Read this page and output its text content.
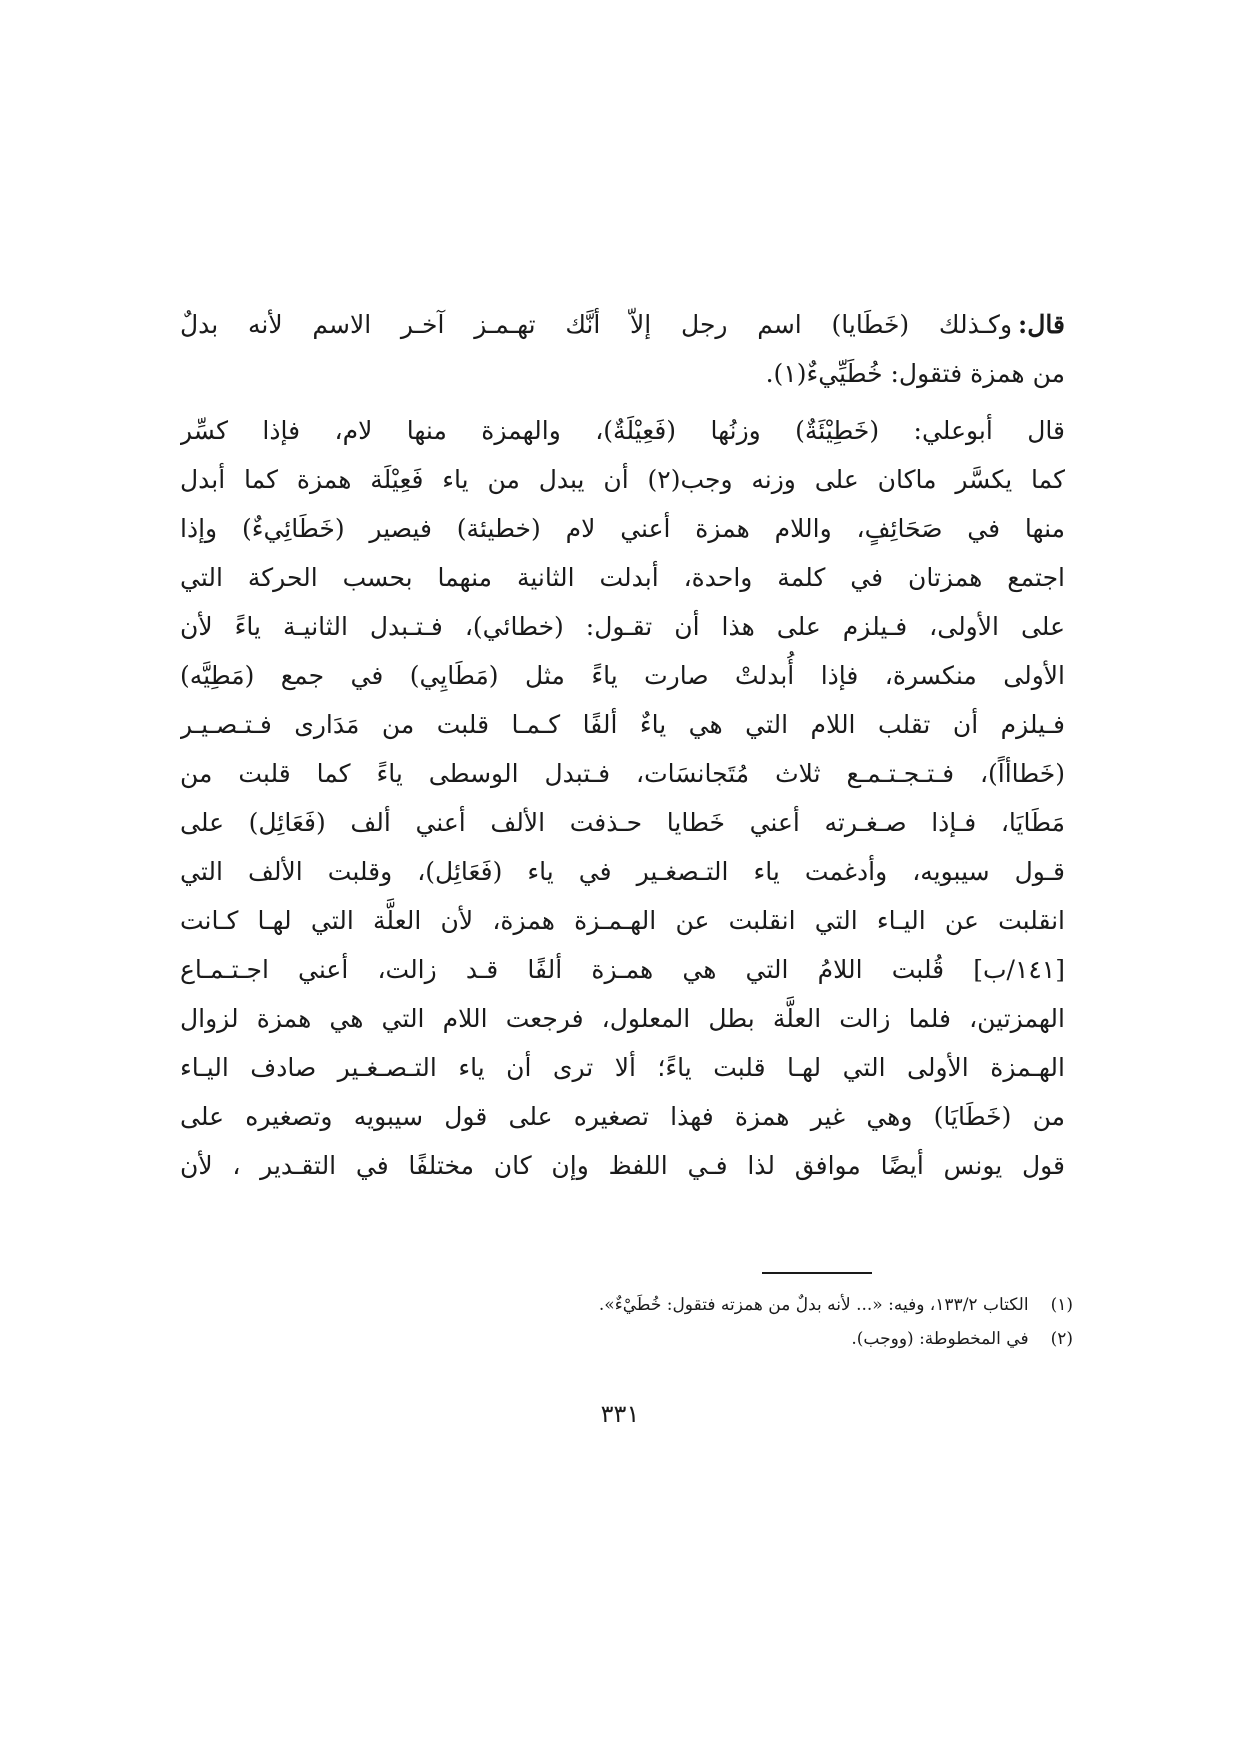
قال:وكـذلك (خَطَايا) اسم رجل إلاّ أنَّك تهـمـز آخـر الاسم لأنه بدلٌ
من همزة فتقول: خُطَيِّيءٌ(١).
قال أبوعلي: (خَطِيْئَةٌ) وزنُها (فَعِيْلَةٌ)، والهمزة منها لام، فإذا كسِّر
كما يكسَّر ماكان على وزنه وجب(٢) أن يبدل من ياء فَعِيْلَة همزة كما أبدل
منها في صَحَائِفٍ، واللام همزة أعني لام (خطيئة) فيصير (خَطَائِيءٌ) وإذا
اجتمع همزتان في كلمة واحدة، أبدلت الثانية منهما بحسب الحركة التي
على الأولى، فـيلزم على هذا أن تقـول: (خطائي)، فـتـبدل الثانيـة ياءً لأن
الأولى منكسرة، فإذا أُبدلتْ صارت ياءً مثل (مَطَايِي) في جمع (مَطِيَّه)
فـيلزم أن تقلب اللام التي هي ياءٌ ألفًا كـمـا قلبت من مَدَارى فـتـصـيـر
(خَطاأاً)، فـتـجـتـمـع ثلاث مُتَجانسَات، فـتبدل الوسطى ياءً كما قلبت من
مَطَايَا، فـإذا صـغـرته أعني خَطايا حـذفت الألف أعني ألف (فَعَائِل) على
قـول سيبويه، وأدغمت ياء التـصغـير في ياء (فَعَائِل)، وقلبت الألف التي
انقلبت عن اليـاء التي انقلبت عن الهـمـزة همزة، لأن العلَّة التي لهـا كـانت
[١٤١/ب] قُلبت اللامُ التي هي همـزة ألفًا قـد زالت، أعني اجـتـمـاع
الهمزتين، فلما زالت العلَّة بطل المعلول، فرجعت اللام التي هي همزة لزوال
الهـمزة الأولى التي لهـا قلبت ياءً؛ ألا ترى أن ياء التـصـغـير صادف اليـاء
من (خَطَايَا) وهي غير همزة فهذا تصغيره على قول سيبويه وتصغيره على
قول يونس أيضًا موافق لذا فـي اللفظ وإن كان مختلفًا في التقـدير ، لأن
(١)الكتاب ١٣٣/٢، وفيه: «... لأنه بدلٌ من همزته فتقول: خُطَيْءٌ».
(٢)في المخطوطة: (ووجب).
٣٣١
